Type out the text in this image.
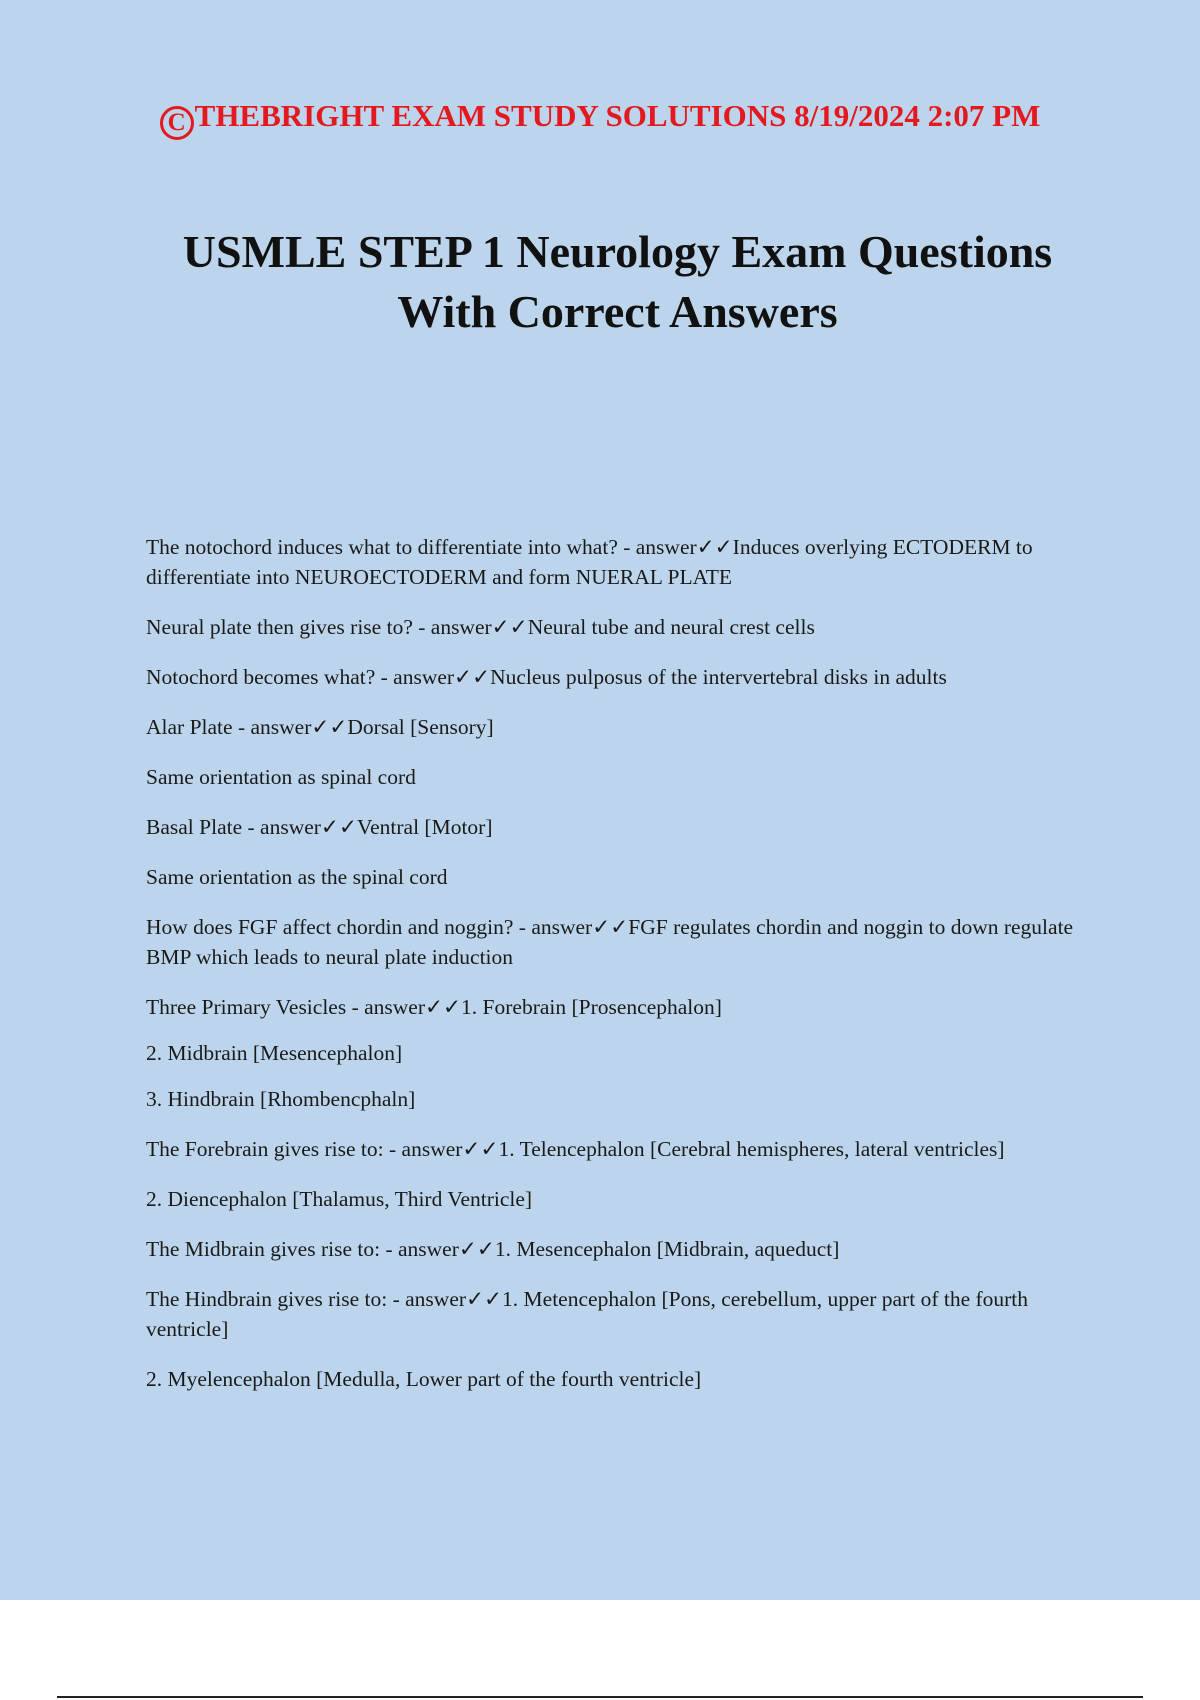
C THEBRIGHT EXAM STUDY SOLUTIONS 8/19/2024 2:07 PM
USMLE STEP 1 Neurology Exam Questions
With Correct Answers
The notochord induces what to differentiate into what? - answer✓✓Induces overlying ECTODERM to differentiate into NEUROECTODERM and form NUERAL PLATE
Neural plate then gives rise to? - answer✓✓Neural tube and neural crest cells
Notochord becomes what? - answer✓✓Nucleus pulposus of the intervertebral disks in adults
Alar Plate - answer✓✓Dorsal [Sensory]
Same orientation as spinal cord
Basal Plate - answer✓✓Ventral [Motor]
Same orientation as the spinal cord
How does FGF affect chordin and noggin? - answer✓✓FGF regulates chordin and noggin to down regulate BMP which leads to neural plate induction
Three Primary Vesicles - answer✓✓1. Forebrain [Prosencephalon]
2. Midbrain [Mesencephalon]
3. Hindbrain [Rhombencphaln]
The Forebrain gives rise to: - answer✓✓1. Telencephalon [Cerebral hemispheres, lateral ventricles]
2. Diencephalon [Thalamus, Third Ventricle]
The Midbrain gives rise to: - answer✓✓1. Mesencephalon [Midbrain, aqueduct]
The Hindbrain gives rise to: - answer✓✓1. Metencephalon [Pons, cerebellum, upper part of the fourth ventricle]
2. Myelencephalon [Medulla, Lower part of the fourth ventricle]
